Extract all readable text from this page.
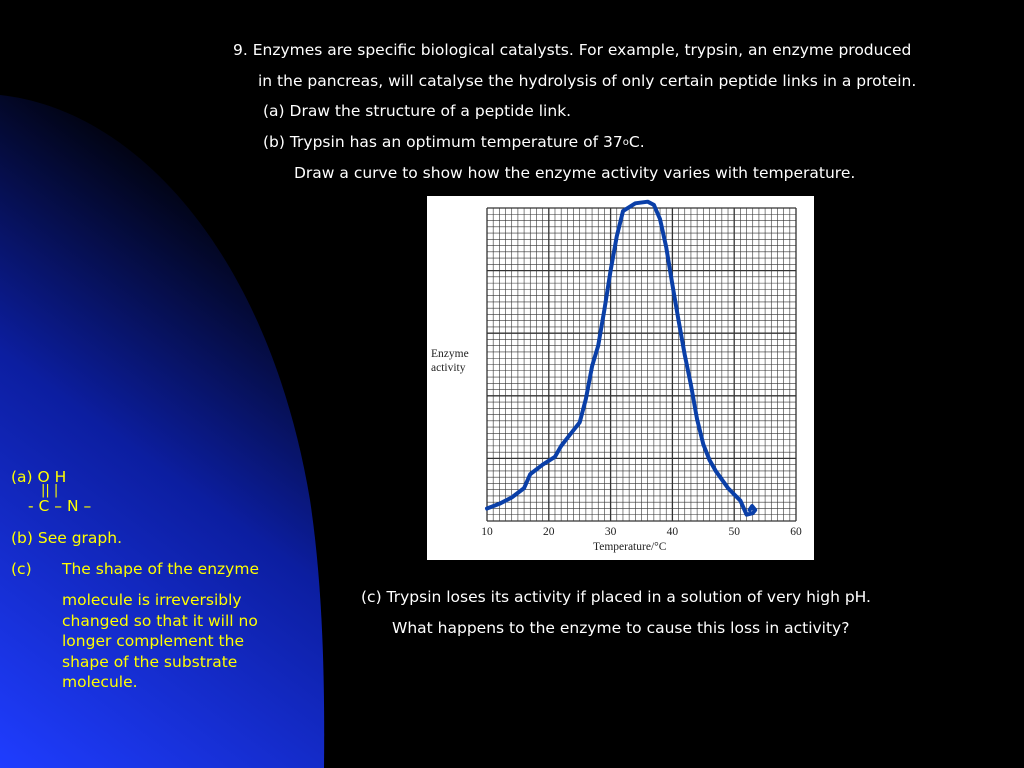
9. Enzymes are specific biological catalysts. For example, trypsin, an enzyme produced

in the pancreas, will catalyse the hydrolysis of only certain peptide links in a protein.

(a) Draw the structure of a peptide link.

(b) Trypsin has an optimum temperature of 37$^o$C.

Draw a curve to show how the enzyme activity varies with temperature.

Enzyme
activity
10	20	30	40	50	60
Temperature/°C

(c) Trypsin loses its activity if placed in a solution of very high pH.

What happens to the enzyme to cause this loss in activity?

(a) O H

|| |

- C – N –

(b) See graph.

(c) The shape of the enzyme

molecule is irreversibly
changed so that it will no
longer complement the
shape of the substrate
molecule.
